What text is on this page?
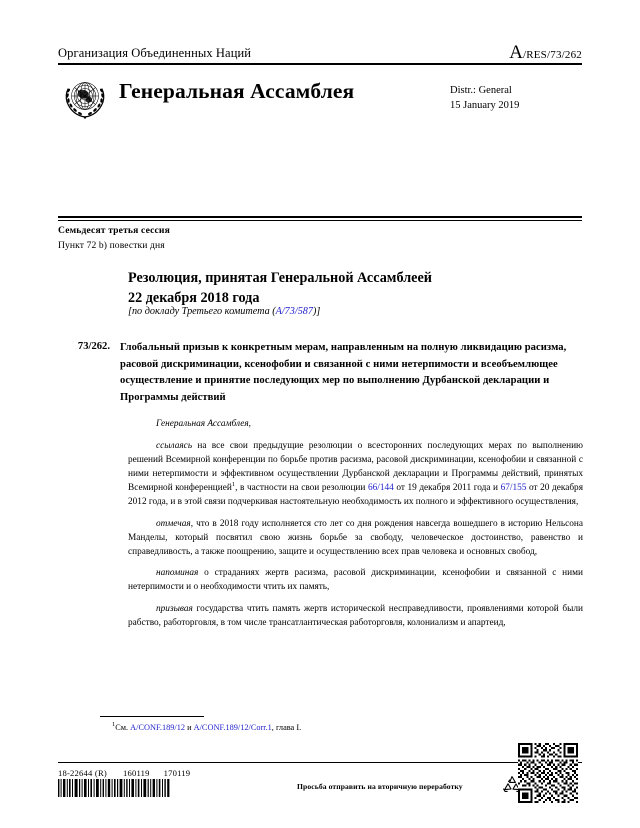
Организация Объединенных Наций	A/RES/73/262
Генеральная Ассамблея	Distr.: General
15 January 2019
Семьдесят третья сессия
Пункт 72 b) повестки дня
Резолюция, принятая Генеральной Ассамблеей
22 декабря 2018 года
[по докладу Третьего комитета (A/73/587)]
73/262. Глобальный призыв к конкретным мерам, направленным на полную ликвидацию расизма, расовой дискриминации, ксенофобии и связанной с ними нетерпимости и всеобъемлющее осуществление и принятие последующих мер по выполнению Дурбанской декларации и Программы действий

Генеральная Ассамблея,

ссылаясь на все свои предыдущие резолюции о всесторонних последующих мерах по выполнению решений Всемирной конференции по борьбе против расизма, расовой дискриминации, ксенофобии и связанной с ними нетерпимости и эффективном осуществлении Дурбанской декларации и Программы действий, принятых Всемирной конференцией$^1$, в частности на свои резолюции 66/144 от 19 декабря 2011 года и 67/155 от 20 декабря 2012 года, и в этой связи подчеркивая настоятельную необходимость их полного и эффективного осуществления,

отмечая, что в 2018 году исполняется сто лет со дня рождения навсегда вошедшего в историю Нельсона Манделы, который посвятил свою жизнь борьбе за свободу, человеческое достоинство, равенство и справедливость, а также поощрению, защите и осуществлению всех прав человека и основных свобод,

напоминая о страданиях жертв расизма, расовой дискриминации, ксенофобии и связанной с ними нетерпимости и о необходимости чтить их память,

призывая государства чтить память жертв исторической несправедливости, проявлениями которой были рабство, работорговля, в том числе трансатлантическая работорговля, колониализм и апартеид,

$^1$См. A/CONF.189/12 и A/CONF.189/12/Corr.1, глава I.
18-22644 (R) 160119 170119
Просьба отправить на вторичную переработку
